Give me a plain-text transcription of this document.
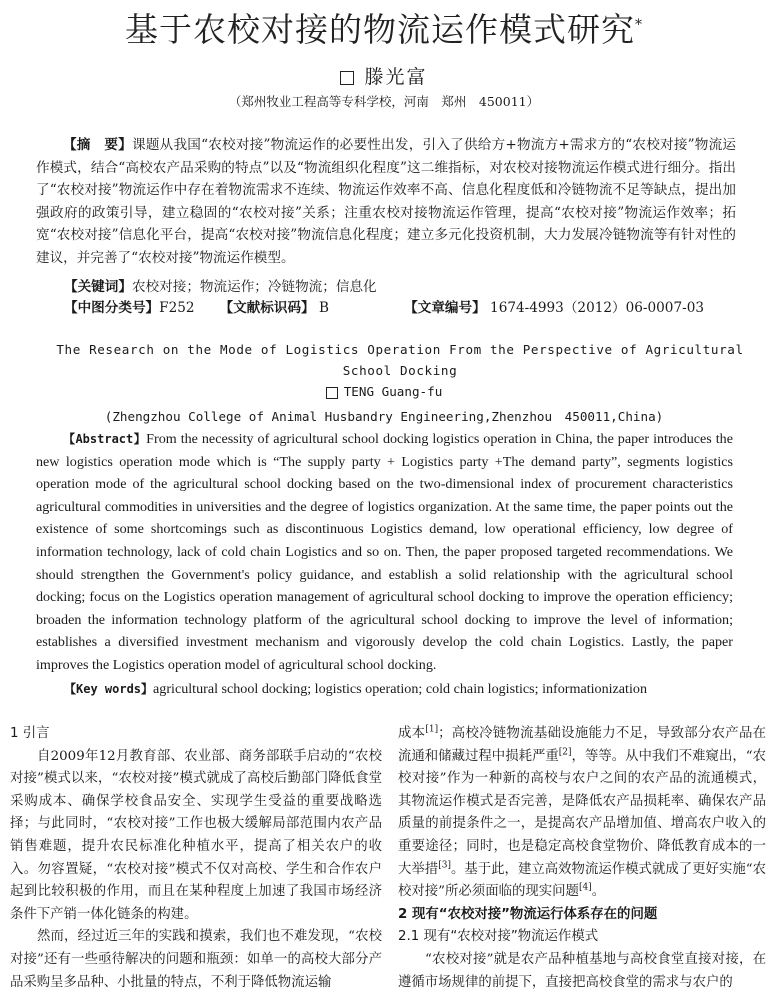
基于农校对接的物流运作模式研究*
滕光富
（郑州牧业工程高等专科学校，河南　郑州　450011）
【摘　要】课题从我国“农校对接”物流运作的必要性出发，引入了供给方+物流方+需求方的“农校对接”物流运作模式，结合“高校农产品采购的特点”以及“物流组织化程度”这二维指标，对农校对接物流运作模式进行细分。指出了“农校对接”物流运作中存在着物流需求不连续、物流运作效率不高、信息化程度低和冷链物流不足等缺点，提出加强政府的政策引导，建立稳固的“农校对接”关系；注重农校对接物流运作管理，提高“农校对接”物流运作效率；拓宽“农校对接”信息化平台，提高“农校对接”物流信息化程度；建立多元化投资机制，大力发展冷链物流等有针对性的建议，并完善了“农校对接”物流运作模型。
【关键词】农校对接；物流运作；冷链物流；信息化
【中图分类号】F252	【文献标识码】 B	【文章编号】 1674-4993（2012）06-0007-03
The Research on the Mode of Logistics Operation From the Perspective of Agricultural School Docking
TENG Guang-fu
(Zhengzhou College of Animal Husbandry Engineering,Zhenzhou　450011,China)
【Abstract】From the necessity of agricultural school docking logistics operation in China, the paper introduces the new logistics operation mode which is “The supply party + Logistics party +The demand party”, segments logistics operation mode of the agricultural school docking based on the two-dimensional index of procurement characteristics agricultural commodities in universities and the degree of logistics organization. At the same time, the paper points out the existence of some shortcomings such as discontinuous Logistics demand, low operational efficiency, low degree of information technology, lack of cold chain Logistics and so on. Then, the paper proposed targeted recommendations. We should strengthen the Government's policy guidance, and establish a solid relationship with the agricultural school docking; focus on the Logistics operation management of agricultural school docking to improve the operation efficiency; broaden the information technology platform of the agricultural school docking to improve the level of information; establishes a diversified investment mechanism and vigorously develop the cold chain Logistics. Lastly, the paper improves the Logistics operation model of agricultural school docking.
【Key words】agricultural school docking; logistics operation; cold chain logistics; informationization
1 引言

自2009年12月教育部、农业部、商务部联手启动的“农校对接”模式以来，“农校对接”模式就成了高校后勤部门降低食堂采购成本、确保学校食品安全、实现学生受益的重要战略选择；与此同时，“农校对接”工作也极大缓解局部范围内农产品销售难题，提升农民标准化种植水平，提高了相关农户的收入。勿容置疑，“农校对接”模式不仅对高校、学生和合作农户起到比较积极的作用，而且在某种程度上加速了我国市场经济条件下产销一体化链条的构建。

然而，经过近三年的实践和摸索，我们也不难发现，“农校对接”还有一些亟待解决的问题和瓶颈：如单一的高校大部分产品采购呈多品种、小批量的特点，不利于降低物流运输

成本[1]；高校冷链物流基础设施能力不足，导致部分农产品在流通和储藏过程中损耗严重[2]，等等。从中我们不难窥出，“农校对接”作为一种新的高校与农户之间的农产品的流通模式，其物流运作模式是否完善，是降低农产品损耗率、确保农产品质量的前提条件之一，是提高农产品增加值、增高农户收入的重要途径；同时，也是稳定高校食堂物价、降低教育成本的一大举措[3]。基于此，建立高效物流运作模式就成了更好实施“农校对接”所必须面临的现实问题[4]。

2 现有“农校对接”物流运行体系存在的问题
2.1 现有“农校对接”物流运作模式

“农校对接”就是农产品种植基地与高校食堂直接对接，在遵循市场规律的前提下，直接把高校食堂的需求与农户的
